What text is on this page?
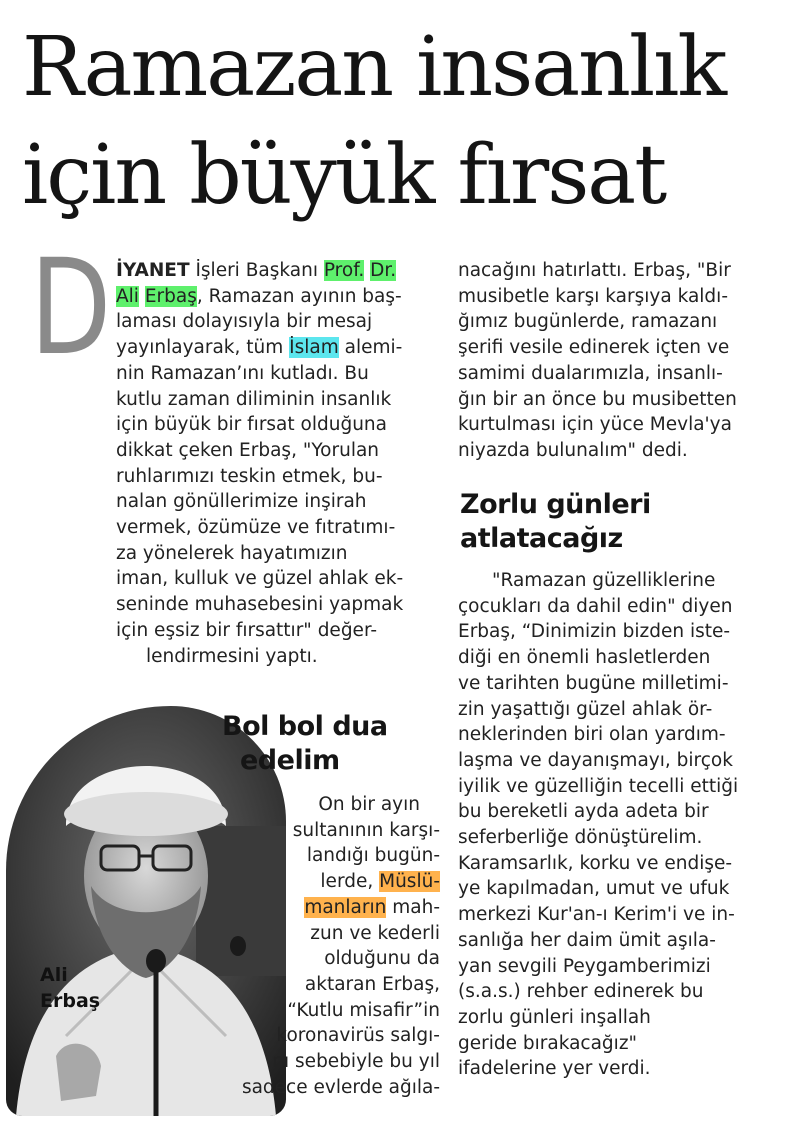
Ramazan insanlık
için büyük fırsat
D İYANET İşleri Başkanı Prof. Dr.
Ali Erbaş, Ramazan ayının baş-
laması dolayısıyla bir mesaj
yayınlayarak, tüm İslam alemi-
nin Ramazan’ını kutladı. Bu
kutlu zaman diliminin insanlık
için büyük bir fırsat olduğuna
dikkat çeken Erbaş, "Yorulan
ruhlarımızı teskin etmek, bu-
nalan gönüllerimize inşirah
vermek, özümüze ve fıtratımı-
za yönelerek hayatımızın
iman, kulluk ve güzel ahlak ek-
seninde muhasebesini yapmak
için eşsiz bir fırsattır" değer-
lendirmesini yaptı.
Ali
Erbaş
Bol bol dua
edelim
On bir ayın
sultanının karşı-
landığı bugün-
lerde, Müslü-
manların mah-
zun ve kederli
olduğunu da
aktaran Erbaş,
“Kutlu misafir”in
koronavirüs salgı-
nı sebebiyle bu yıl
sadece evlerde ağıla-
nacağını hatırlattı. Erbaş, "Bir
musibetle karşı karşıya kaldı-
ğımız bugünlerde, ramazanı
şerifi vesile edinerek içten ve
samimi dualarımızla, insanlı-
ğın bir an önce bu musibetten
kurtulması için yüce Mevla'ya
niyazda bulunalım" dedi.
Zorlu günleri
atlatacağız
"Ramazan güzelliklerine
çocukları da dahil edin" diyen
Erbaş, “Dinimizin bizden iste-
diği en önemli hasletlerden
ve tarihten bugüne milletimi-
zin yaşattığı güzel ahlak ör-
neklerinden biri olan yardım-
laşma ve dayanışmayı, birçok
iyilik ve güzelliğin tecelli ettiği
bu bereketli ayda adeta bir
seferberliğe dönüştürelim.
Karamsarlık, korku ve endişe-
ye kapılmadan, umut ve ufuk
merkezi Kur'an-ı Kerim'i ve in-
sanlığa her daim ümit aşıla-
yan sevgili Peygamberimizi
(s.a.s.) rehber edinerek bu
zorlu günleri inşallah
geride bırakacağız"
ifadelerine yer verdi.
